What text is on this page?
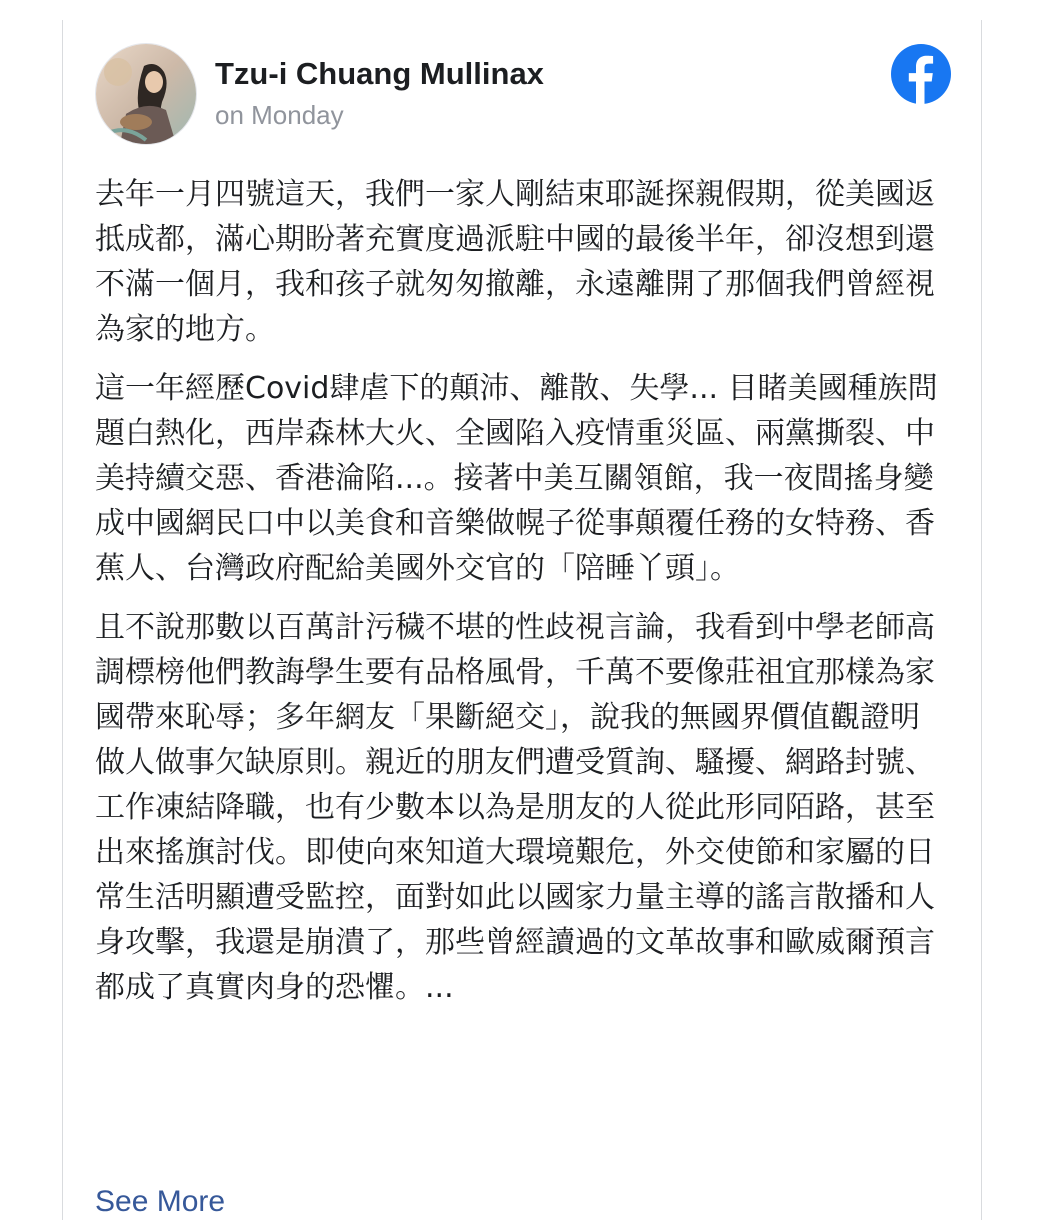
Tzu-i Chuang Mullinax
on Monday

去年一月四號這天，我們一家人剛結束耶誕探親假期，從美國返抵成都，滿心期盼著充實度過派駐中國的最後半年，卻沒想到還不滿一個月，我和孩子就匆匆撤離，永遠離開了那個我們曾經視為家的地方。

這一年經歷Covid肆虐下的顛沛、離散、失學... 目睹美國種族問題白熱化，西岸森林大火、全國陷入疫情重災區、兩黨撕裂、中美持續交惡、香港淪陷...。接著中美互關領館，我一夜間搖身變成中國網民口中以美食和音樂做幌子從事顛覆任務的女特務、香蕉人、台灣政府配給美國外交官的「陪睡丫頭」。

且不說那數以百萬計污穢不堪的性歧視言論，我看到中學老師高調標榜他們教誨學生要有品格風骨，千萬不要像莊祖宜那樣為家國帶來恥辱；多年網友「果斷絕交」，說我的無國界價值觀證明做人做事欠缺原則。親近的朋友們遭受質詢、騷擾、網路封號、工作凍結降職，也有少數本以為是朋友的人從此形同陌路，甚至出來搖旗討伐。即使向來知道大環境艱危，外交使節和家屬的日常生活明顯遭受監控，面對如此以國家力量主導的謠言散播和人身攻擊，我還是崩潰了，那些曾經讀過的文革故事和歐威爾預言都成了真實肉身的恐懼。...

See More
